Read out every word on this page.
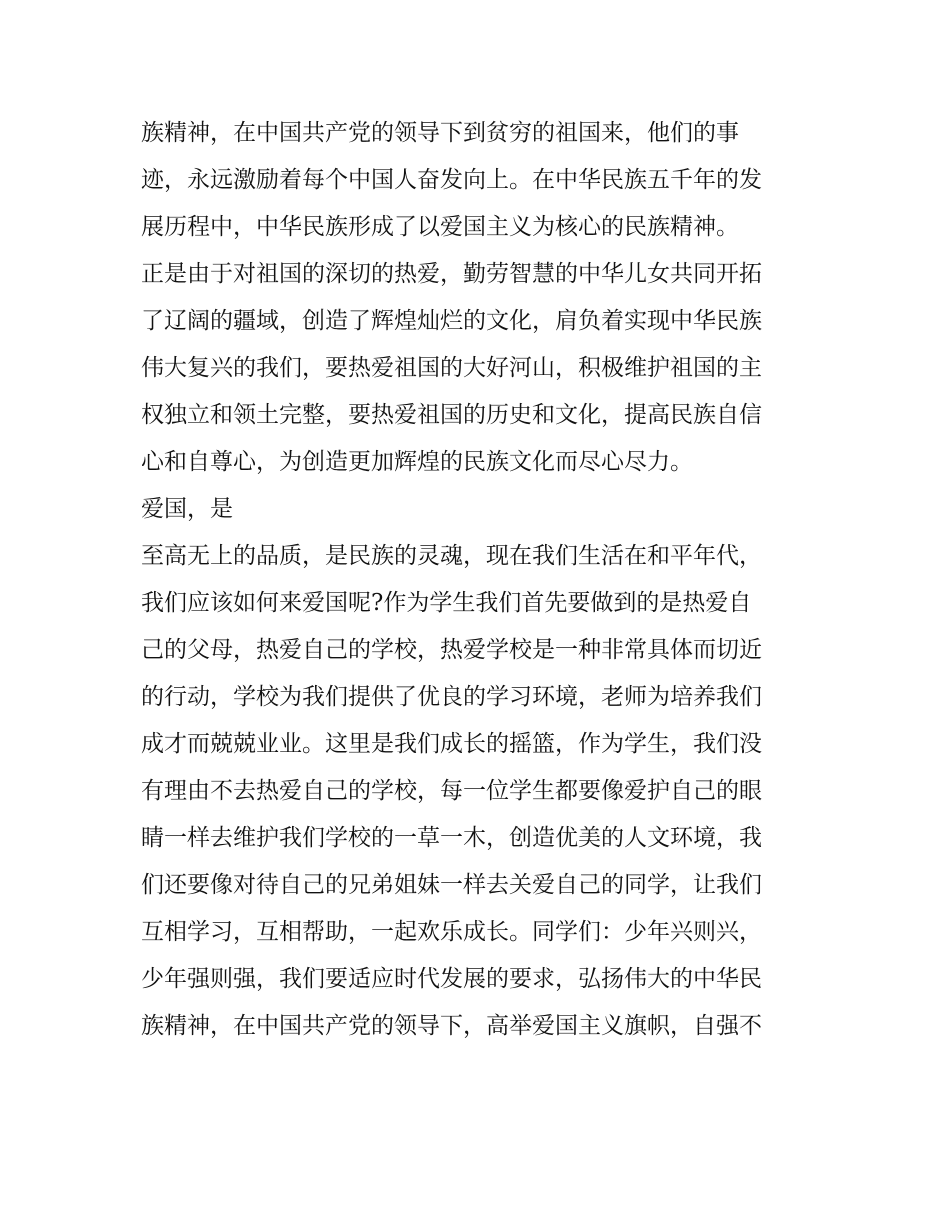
族精神，在中国共产党的领导下到贫穷的祖国来，他们的事
迹，永远激励着每个中国人奋发向上。在中华民族五千年的发
展历程中，中华民族形成了以爱国主义为核心的民族精神。
正是由于对祖国的深切的热爱，勤劳智慧的中华儿女共同开拓
了辽阔的疆域，创造了辉煌灿烂的文化，肩负着实现中华民族
伟大复兴的我们，要热爱祖国的大好河山，积极维护祖国的主
权独立和领土完整，要热爱祖国的历史和文化，提高民族自信
心和自尊心，为创造更加辉煌的民族文化而尽心尽力。
爱国，是
至高无上的品质，是民族的灵魂，现在我们生活在和平年代，
我们应该如何来爱国呢?作为学生我们首先要做到的是热爱自
己的父母，热爱自己的学校，热爱学校是一种非常具体而切近
的行动，学校为我们提供了优良的学习环境，老师为培养我们
成才而兢兢业业。这里是我们成长的摇篮，作为学生，我们没
有理由不去热爱自己的学校，每一位学生都要像爱护自己的眼
睛一样去维护我们学校的一草一木，创造优美的人文环境，我
们还要像对待自己的兄弟姐妹一样去关爱自己的同学，让我们
互相学习，互相帮助，一起欢乐成长。同学们：少年兴则兴，
少年强则强，我们要适应时代发展的要求，弘扬伟大的中华民
族精神，在中国共产党的领导下，高举爱国主义旗帜，自强不
